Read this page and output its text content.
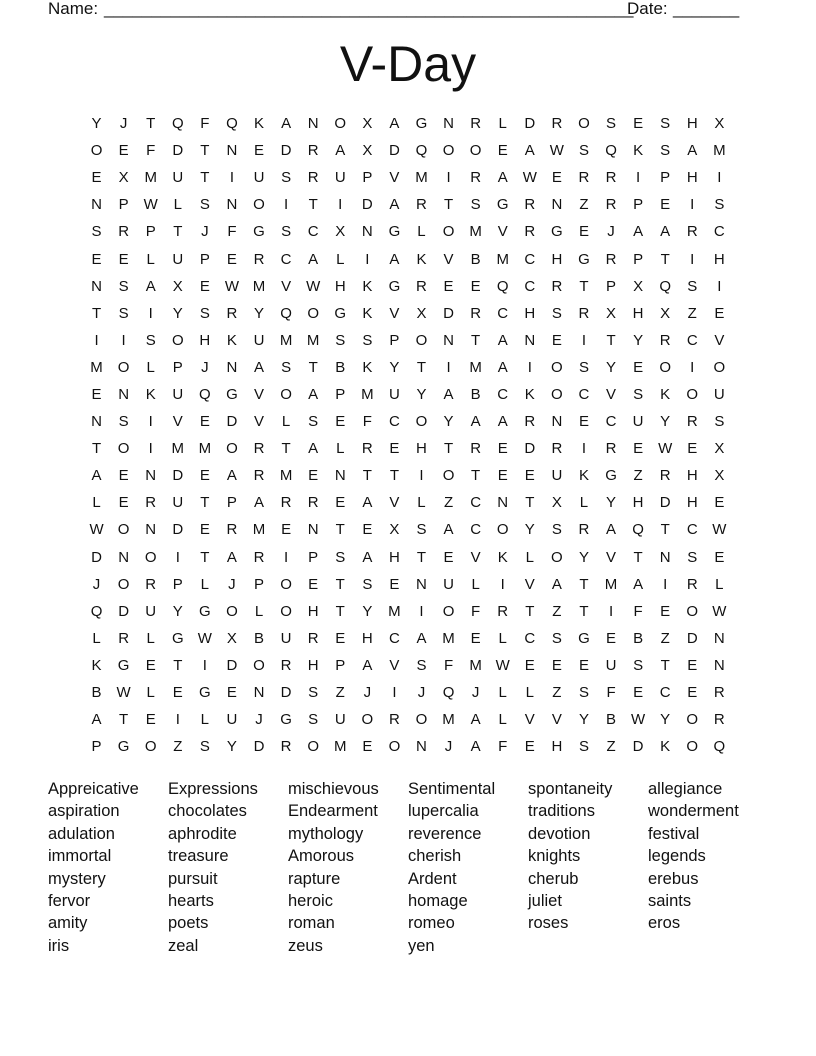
Name: ________________________________________________________
Date: _______
V-Day
Y	J	T	Q	F	Q	K	A	N	O	X	A	G	N	R	L	D	R	O	S	E	S	H	X
O	E	F	D	T	N	E	D	R	A	X	D	Q	O	O	E	A W S	Q	K	S	A	M
E	X	M	U	T	I	U	S	R	U	P	V	M	I	R	A W E	R	R	I	P	H	I
N	P W	L	S	N	O	I	T	I	D	A	R	T	S	G	R	N	Z	R	P	E	I	S
S	R	P	T	J	F	G	S	C	X	N	G	L	O M	V	R	G	E	J	A	A	R	C
E	E	L	U	P	E	R	C	A	L	I	A	K	V	B	M	C	H	G	R	P	T	I	H
N	S	A	X	E W M	V W H	K	G	R	E	E	Q	C	R	T	P	X	Q	S	I
T	S	I	Y	S	R	Y	Q	O	G	K	V	X	D	R	C	H	S	R	X	H	X	Z	E
I	I	S	O	H	K	U	M M	S	S	P	O	N	T	A	N	E	I	T	Y	R	C	V
M	O	L	P	J	N	A	S	T	B	K	Y	T	I	M	A	I	O	S	Y	E	O	I	O
E	N	K	U	Q	G	V	O	A	P	M	U	Y	A	B	C	K	O	C	V	S	K	O	U
N	S	I	V	E	D	V	L	S	E	F	C	O	Y	A	A	R	N	E	C	U	Y	R	S
T	O	I	M M	O	R	T	A	L	R	E	H	T	R	E	D	R	I	R	E W E	X
A	E	N	D	E	A	R	M	E	N	T	T	I	O	T	E	E	U	K	G	Z	R	H	X
L	E	R	U	T	P	A	R	R	E	A	V	L	Z	C	N	T	X	L	Y	H	D	H	E
W O	N	D	E	R	M	E	N	T	E	X	S	A	C	O	Y	S	R	A	Q	T	C W
D	N	O	I	T	A	R	I	P	S	A	H	T	E	V	K	L	O	Y	V	T	N	S	E
J	O	R	P	L	J	P	O	E	T	S	E	N	U	L	I	V	A	T	M	A	I	R	L
Q	D	U	Y	G	O	L	O	H	T	Y	M	I	O	F	R	T	Z	T	I	F	E	O W
L	R	L	G W X	B	U	R	E	H	C	A	M	E	L	C	S	G	E	B	Z	D	N
K	G	E	T	I	D	O	R	H	P	A	V	S	F	M W E	E	E	U	S	T	E	N
B W	L	E	G	E	N	D	S	Z	J	I	J	Q	J	L	L	Z	S	F	E	C	E	R
A	T	E	I	L	U	J	G	S	U	O	R	O M	A	L	V	V	Y	B W Y	O	R
P	G	O	Z	S	Y	D	R	O M	E	O	N	J	A	F	E	H	S	Z	D	K	O	Q
Appreicative
aspiration
adulation
immortal
mystery
fervor
amity
iris
Expressions
chocolates
aphrodite
treasure
pursuit
hearts
poets
zeal
mischievous
Endearment
mythology
Amorous
rapture
heroic
roman
zeus
Sentimental
lupercalia
reverence
cherish
Ardent
homage
romeo
yen
spontaneity
traditions
devotion
knights
cherub
juliet
roses
allegiance
wonderment
festival
legends
erebus
saints
eros
